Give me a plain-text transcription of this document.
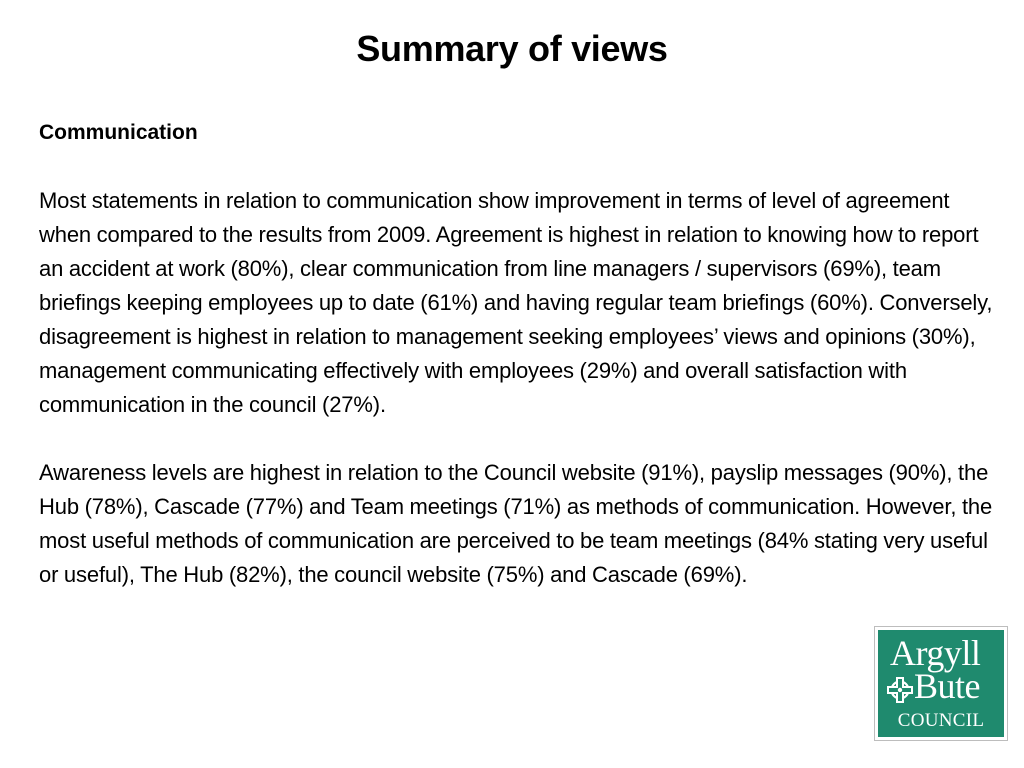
Summary of views

Communication

Most statements in relation to communication show improvement in terms of level of agreement when compared to the results from 2009. Agreement is highest in relation to knowing how to report an accident at work (80%), clear communication from line managers / supervisors (69%), team briefings keeping employees up to date (61%) and having regular team briefings (60%). Conversely, disagreement is highest in relation to management seeking employees’ views and opinions (30%), management communicating effectively with employees (29%) and overall satisfaction with communication in the council (27%).

Awareness levels are highest in relation to the Council website (91%), payslip messages (90%), the Hub (78%), Cascade (77%) and Team meetings (71%) as methods of communication. However, the most useful methods of communication are perceived to be team meetings (84% stating very useful or useful), The Hub (82%), the council website (75%) and Cascade (69%).

Argyll
Bute
COUNCIL
